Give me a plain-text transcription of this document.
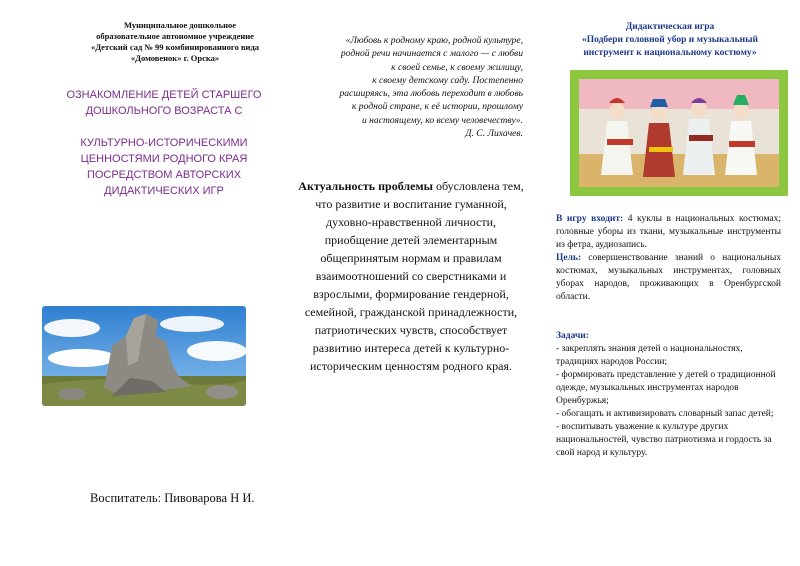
Муниципальное дошкольное
образовательное автономное учреждение
«Детский сад № 99 комбинированного вида
«Домовенок» г. Орска»
ОЗНАКОМЛЕНИЕ ДЕТЕЙ СТАРШЕГО
ДОШКОЛЬНОГО ВОЗРАСТА С
КУЛЬТУРНО-ИСТОРИЧЕСКИМИ
ЦЕННОСТЯМИ РОДНОГО КРАЯ
ПОСРЕДСТВОМ АВТОРСКИХ
ДИДАКТИЧЕСКИХ ИГР
Воспитатель: Пивоварова Н И.
«Любовь к родному краю, родной культуре,
родной речи начинается с малого — с любви
к своей семье, к своему жилищу,
к своему детскому саду. Постепенно
расширяясь, эта любовь переходит в любовь
к родной стране, к её истории, прошлому
и настоящему, ко всему человечеству».
Д. С. Лихачев.
Актуальность проблемы обусловлена тем, что развитие и воспитание гуманной, духовно-нравственной личности, приобщение детей элементарным общепринятым нормам и правилам взаимоотношений со сверстниками и взрослыми, формирование гендерной, семейной, гражданской принадлежности, патриотических чувств, способствует развитию интереса детей к культурно-историческим ценностям родного края.
Дидактическая игра
«Подбери головной убор и музыкальный
инструмент к национальному костюму»
В игру входит: 4 куклы в национальных костюмах; головные уборы из ткани, музыкальные инструменты из фетра, аудиозапись.
Цель: совершенствование знаний о национальных костюмах, музыкальных инструментах, головных уборах народов, проживающих в Оренбургской области.

Задачи:

- закреплять знания детей о национальностях, традициях народов России;

- формировать представление у детей о традиционной одежде, музыкальных инструментах народов Оренбуржья;

- обогащать и активизировать словарный запас детей;

- воспитывать уважение к культуре других национальностей, чувство патриотизма и гордость за свой народ и культуру.
